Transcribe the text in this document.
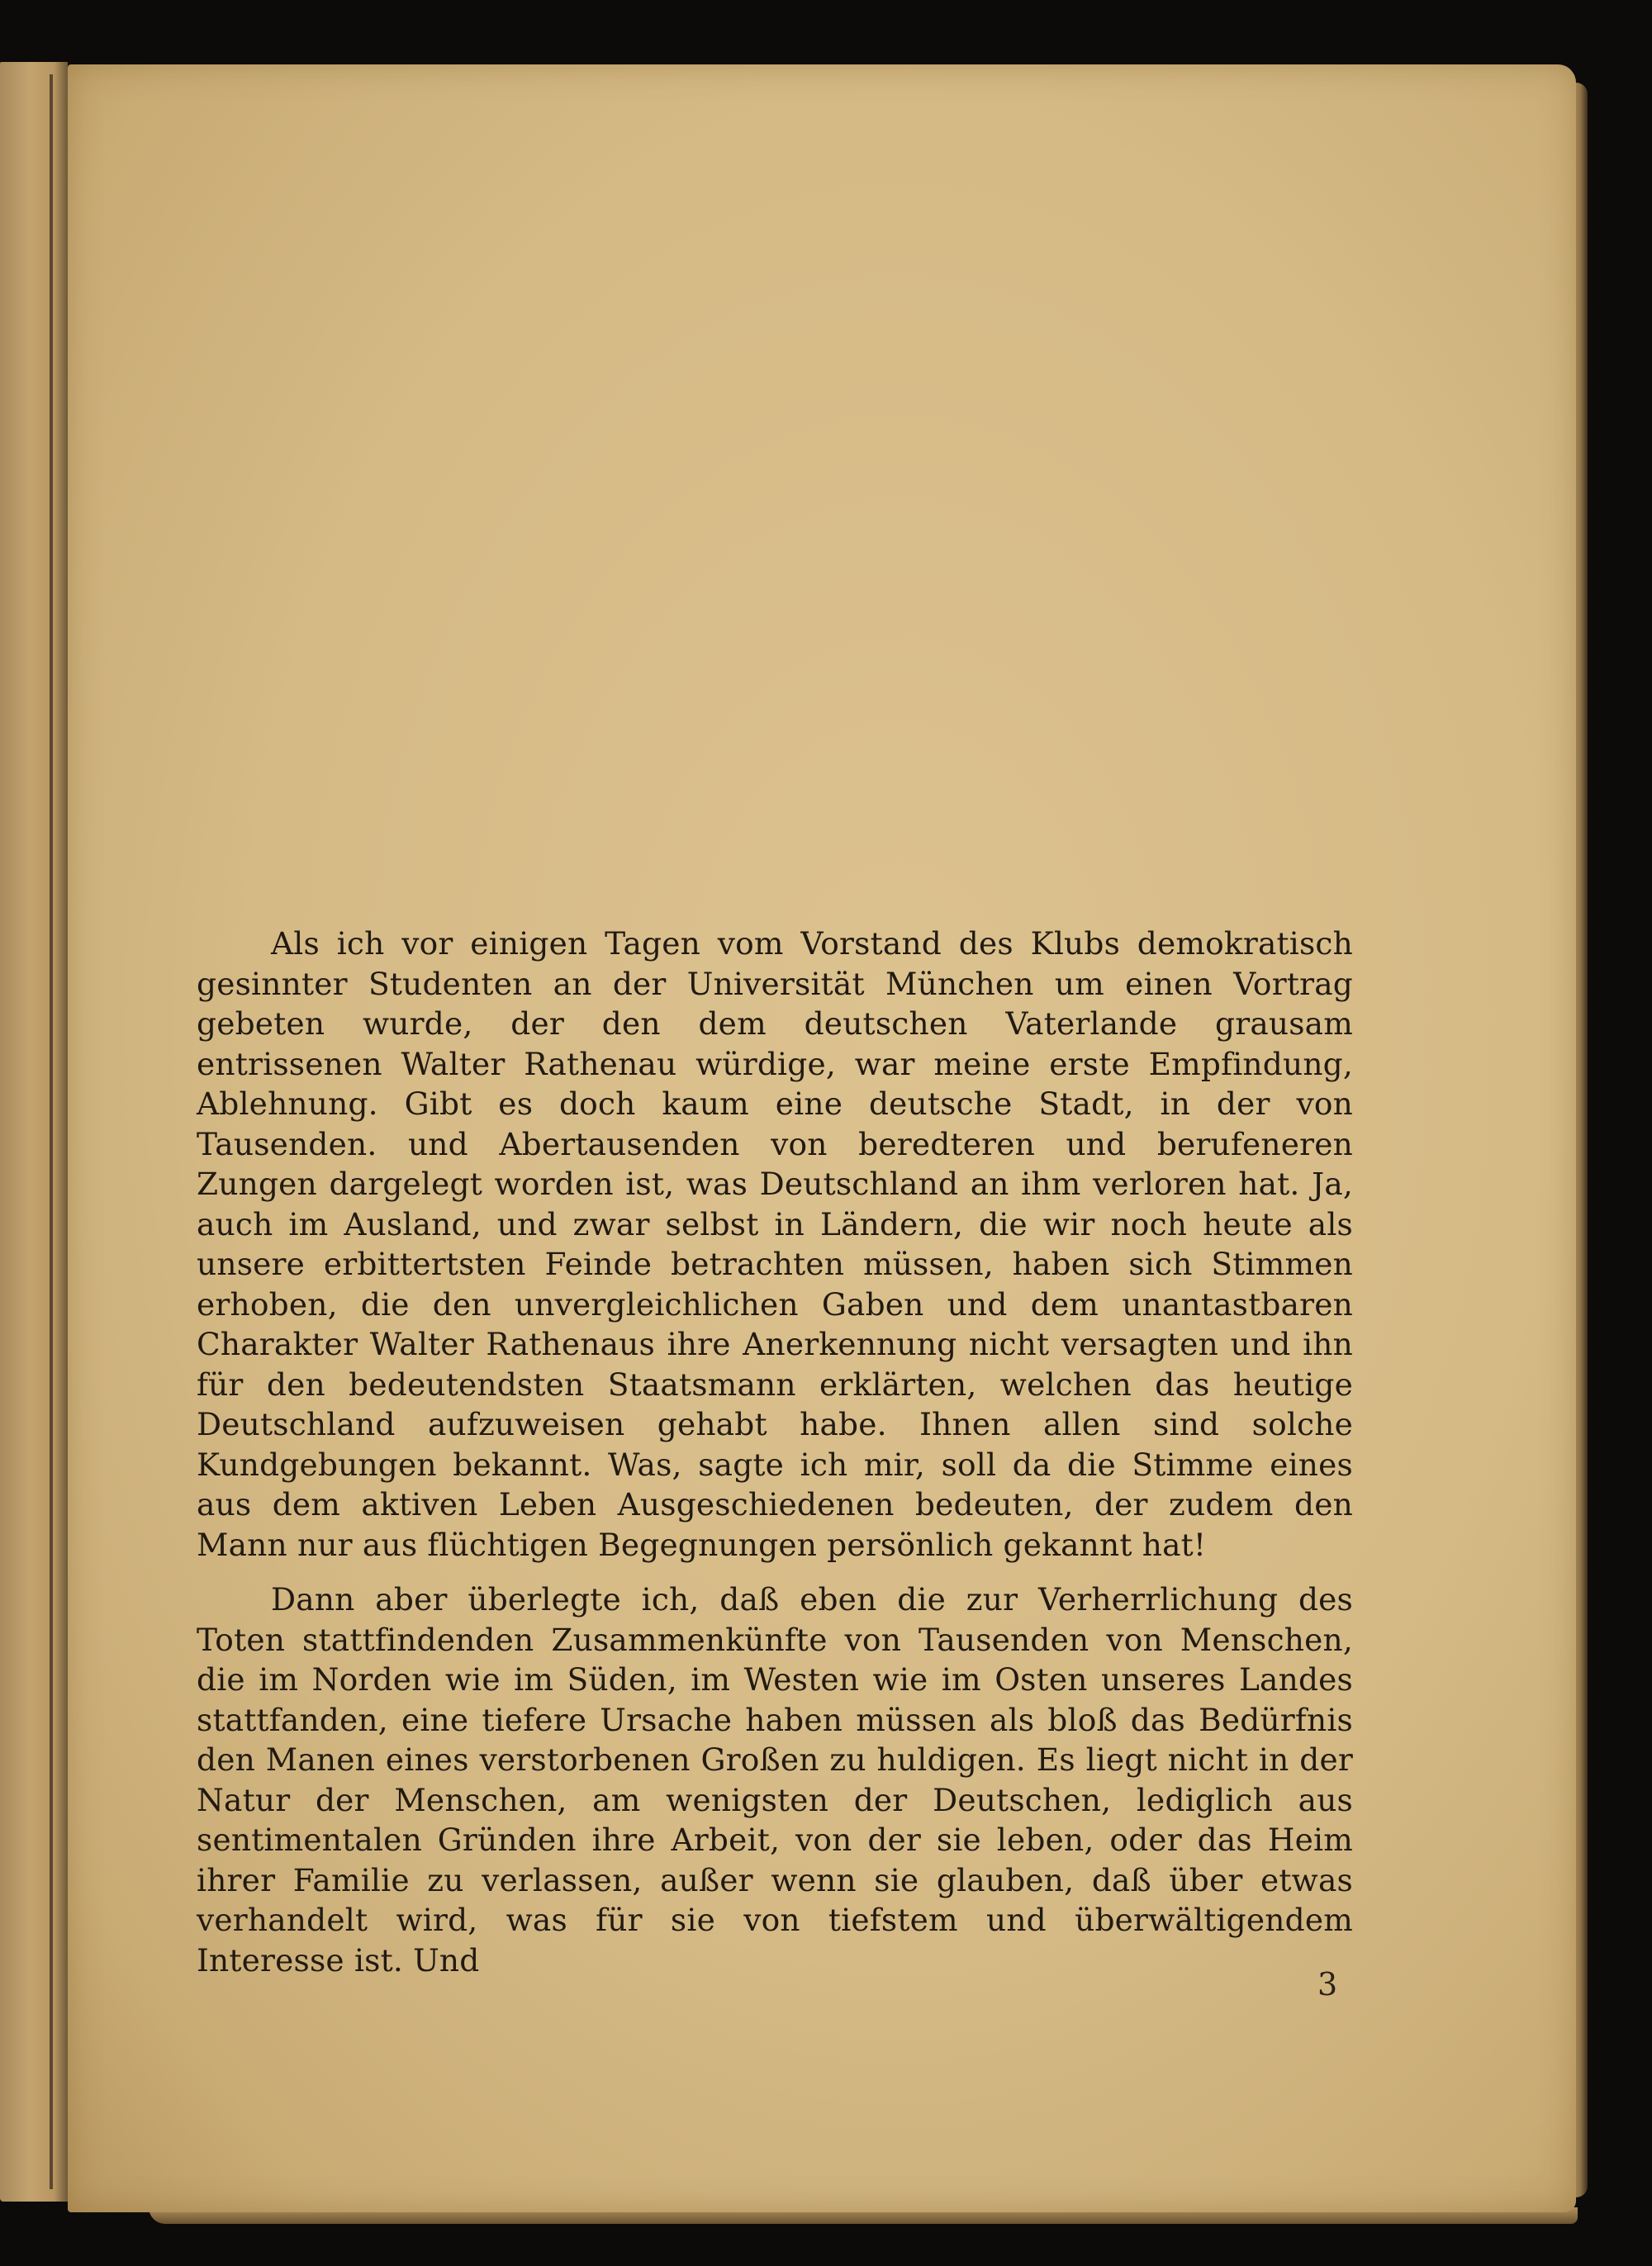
Als ich vor einigen Tagen vom Vorstand des Klubs demokratisch gesinnter Studenten an der Universität München um einen Vortrag gebeten wurde, der den dem deutschen Vaterlande grausam entrissenen Walter Rathenau würdige, war meine erste Empfindung, Ablehnung. Gibt es doch kaum eine deutsche Stadt, in der von Tausenden. und Abertausenden von beredteren und berufeneren Zungen dargelegt worden ist, was Deutschland an ihm verloren hat. Ja, auch im Ausland, und zwar selbst in Ländern, die wir noch heute als unsere erbittertsten Feinde betrachten müssen, haben sich Stimmen erhoben, die den unvergleichlichen Gaben und dem unantastbaren Charakter Walter Rathenaus ihre Anerkennung nicht versagten und ihn für den bedeutendsten Staatsmann erklärten, welchen das heutige Deutschland aufzuweisen gehabt habe. Ihnen allen sind solche Kundgebungen bekannt. Was, sagte ich mir, soll da die Stimme eines aus dem aktiven Leben Ausgeschiedenen bedeuten, der zudem den Mann nur aus flüchtigen Begegnungen persönlich gekannt hat!

Dann aber überlegte ich, daß eben die zur Verherrlichung des Toten stattfindenden Zusammenkünfte von Tausenden von Menschen, die im Norden wie im Süden, im Westen wie im Osten unseres Landes stattfanden, eine tiefere Ursache haben müssen als bloß das Bedürfnis den Manen eines verstorbenen Großen zu huldigen. Es liegt nicht in der Natur der Menschen, am wenigsten der Deutschen, lediglich aus sentimentalen Gründen ihre Arbeit, von der sie leben, oder das Heim ihrer Familie zu verlassen, außer wenn sie glauben, daß über etwas verhandelt wird, was für sie von tiefstem und überwältigendem Interesse ist. Und

3
